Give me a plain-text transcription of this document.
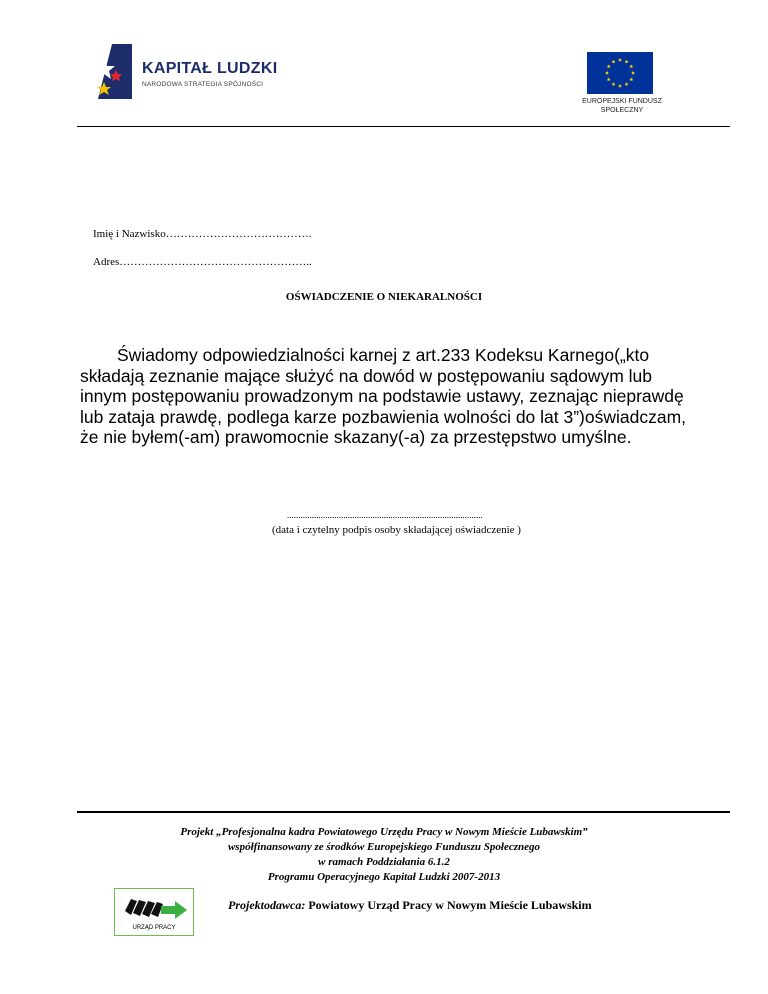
KAPITAŁ LUDZKI
NARODOWA STRATEGIA SPÓJNOŚCI
EUROPEJSKI FUNDUSZ
SPOŁECZNY
Imię i Nazwisko………………………………….
Adres……………………………………………..
OŚWIADCZENIE O NIEKARALNOŚCI
Świadomy odpowiedzialności karnej z art.233 Kodeksu Karnego(„kto składają zeznanie mające służyć na dowód w postępowaniu sądowym lub innym postępowaniu prowadzonym na podstawie ustawy, zeznając nieprawdę lub zataja prawdę, podlega karze pozbawienia wolności do lat 3”)oświadczam, że nie byłem(-am) prawomocnie skazany(-a) za przestępstwo umyślne.
.......................................................................................
(data i czytelny podpis osoby składającej oświadczenie )
Projekt „Profesjonalna kadra Powiatowego Urzędu Pracy w Nowym Mieście Lubawskim”
współfinansowany ze środków Europejskiego Funduszu Społecznego
w ramach Poddziałania 6.1.2
Programu Operacyjnego Kapitał Ludzki 2007-2013
URZĄD PRACY
Projektodawca: Powiatowy Urząd Pracy w Nowym Mieście Lubawskim
